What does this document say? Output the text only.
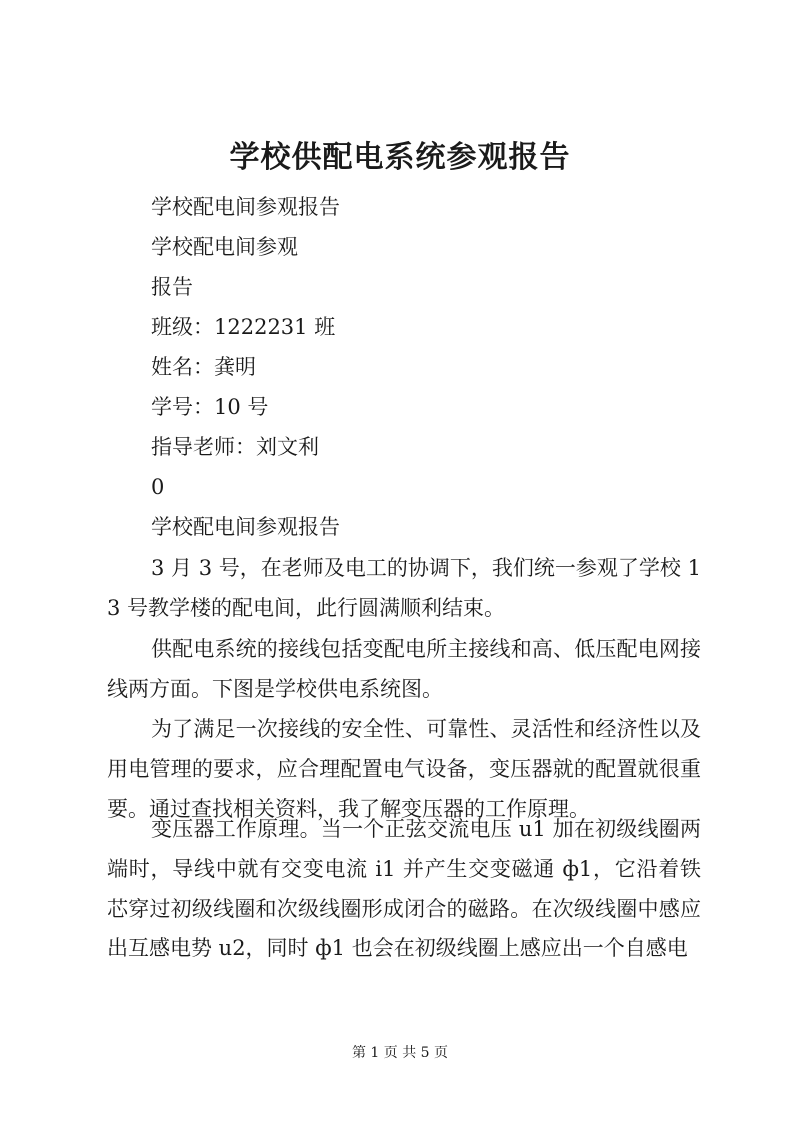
学校供配电系统参观报告
学校配电间参观报告
学校配电间参观
报告
班级：1222231 班
姓名：龚明
学号：10 号
指导老师：刘文利
0
学校配电间参观报告

3 月 3 号，在老师及电工的协调下，我们统一参观了学校 13 号教学楼的配电间，此行圆满顺利结束。

供配电系统的接线包括变配电所主接线和高、低压配电网接线两方面。下图是学校供电系统图。

为了满足一次接线的安全性、可靠性、灵活性和经济性以及用电管理的要求，应合理配置电气设备，变压器就的配置就很重要。通过查找相关资料，我了解变压器的工作原理。

变压器工作原理。当一个正弦交流电压 u1 加在初级线圈两端时，导线中就有交变电流 i1 并产生交变磁通 ф1，它沿着铁芯穿过初级线圈和次级线圈形成闭合的磁路。在次级线圈中感应出互感电势 u2，同时 ф1 也会在初级线圈上感应出一个自感电

第 1 页 共 5 页
